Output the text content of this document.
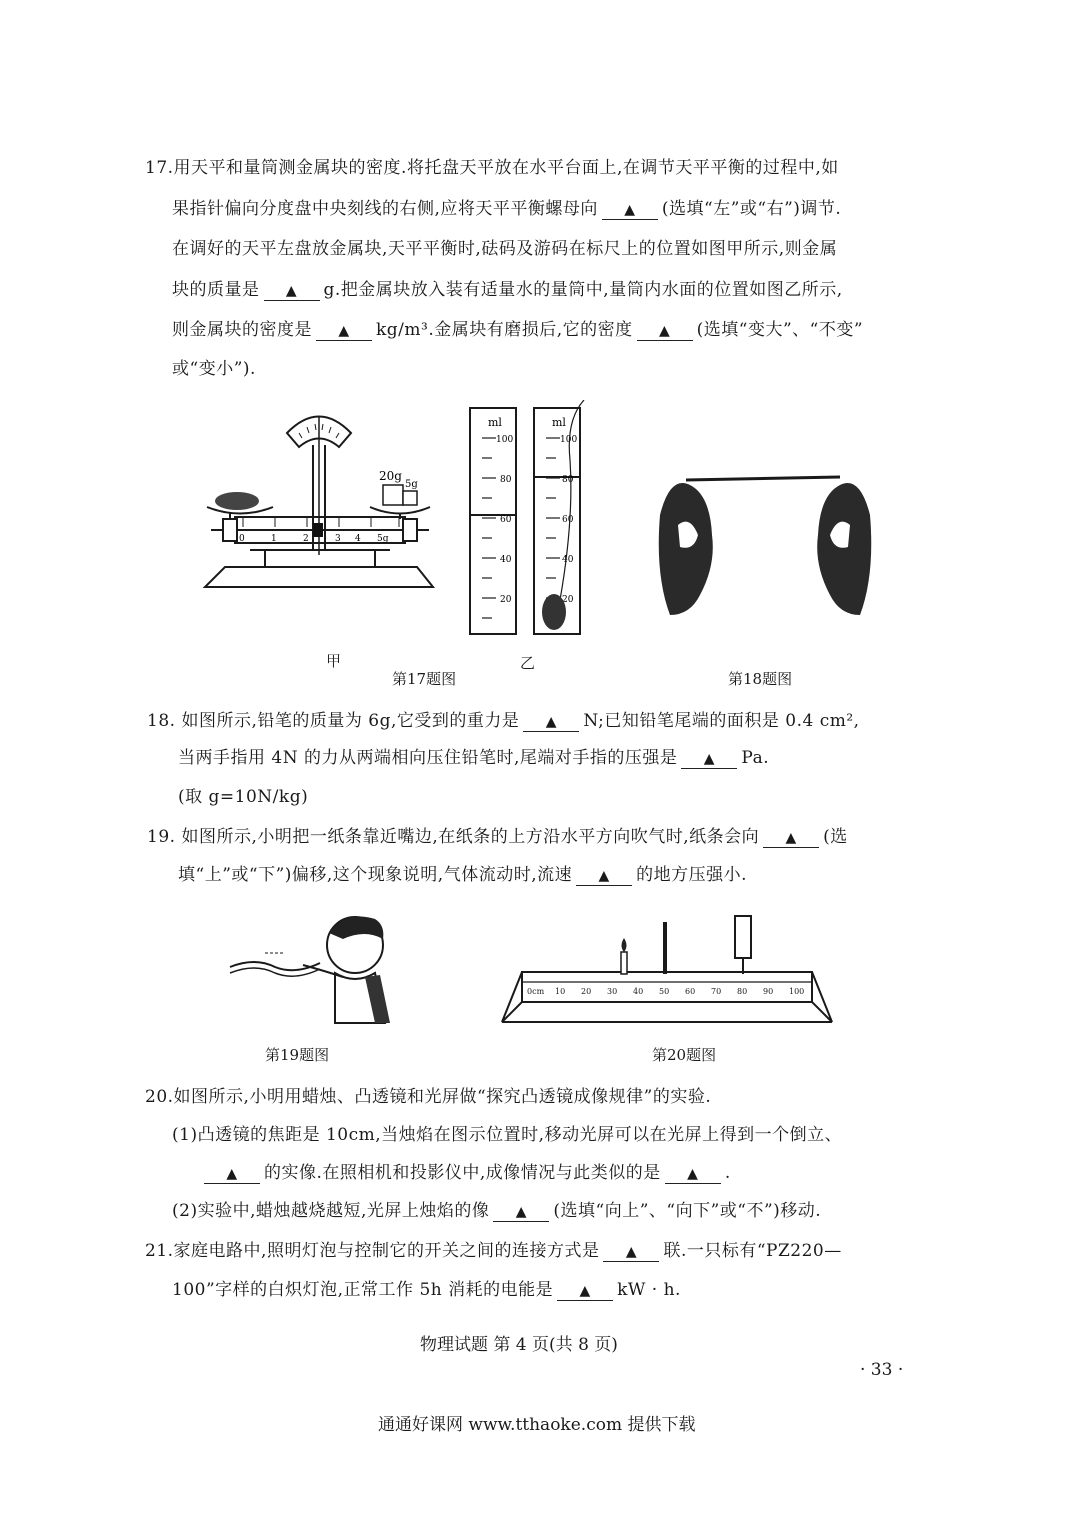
17.用天平和量筒测金属块的密度.将托盘天平放在水平台面上,在调节天平平衡的过程中,如
果指针偏向分度盘中央刻线的右侧,应将天平平衡螺母向 ▲ (选填“左”或“右”)调节.
在调好的天平左盘放金属块,天平平衡时,砝码及游码在标尺上的位置如图甲所示,则金属
块的质量是 ▲ g.把金属块放入装有适量水的量筒中,量筒内水面的位置如图乙所示,
则金属块的密度是 ▲ kg/m³.金属块有磨损后,它的密度 ▲ (选填“变大”、“不变”
或“变小”).
20g
5g
0	1	2	3 4 5g
ml	ml
100
80
60
40
20
100
80
60
40
20
甲	乙
第17题图	第18题图
18. 如图所示,铅笔的质量为 6g,它受到的重力是 ▲ N;已知铅笔尾端的面积是 0.4 cm²,
当两手指用 4N 的力从两端相向压住铅笔时,尾端对手指的压强是 ▲ Pa.
(取 g=10N/kg)
19. 如图所示,小明把一纸条靠近嘴边,在纸条的上方沿水平方向吹气时,纸条会向 ▲ (选
填“上”或“下”)偏移,这个现象说明,气体流动时,流速 ▲ 的地方压强小.
第19题图
0cm 10 20 30 40 50 60 70 80 90 100
第20题图
20.如图所示,小明用蜡烛、凸透镜和光屏做“探究凸透镜成像规律”的实验.
(1)凸透镜的焦距是 10cm,当烛焰在图示位置时,移动光屏可以在光屏上得到一个倒立、
▲ 的实像.在照相机和投影仪中,成像情况与此类似的是 ▲ .
(2)实验中,蜡烛越烧越短,光屏上烛焰的像 ▲ (选填“向上”、“向下”或“不”)移动.
21.家庭电路中,照明灯泡与控制它的开关之间的连接方式是 ▲ 联.一只标有“PZ220—
100”字样的白炽灯泡,正常工作 5h 消耗的电能是 ▲ kW · h.
物理试题 第 4 页(共 8 页)
· 33 ·
通通好课网 www.tthaoke.com 提供下载
